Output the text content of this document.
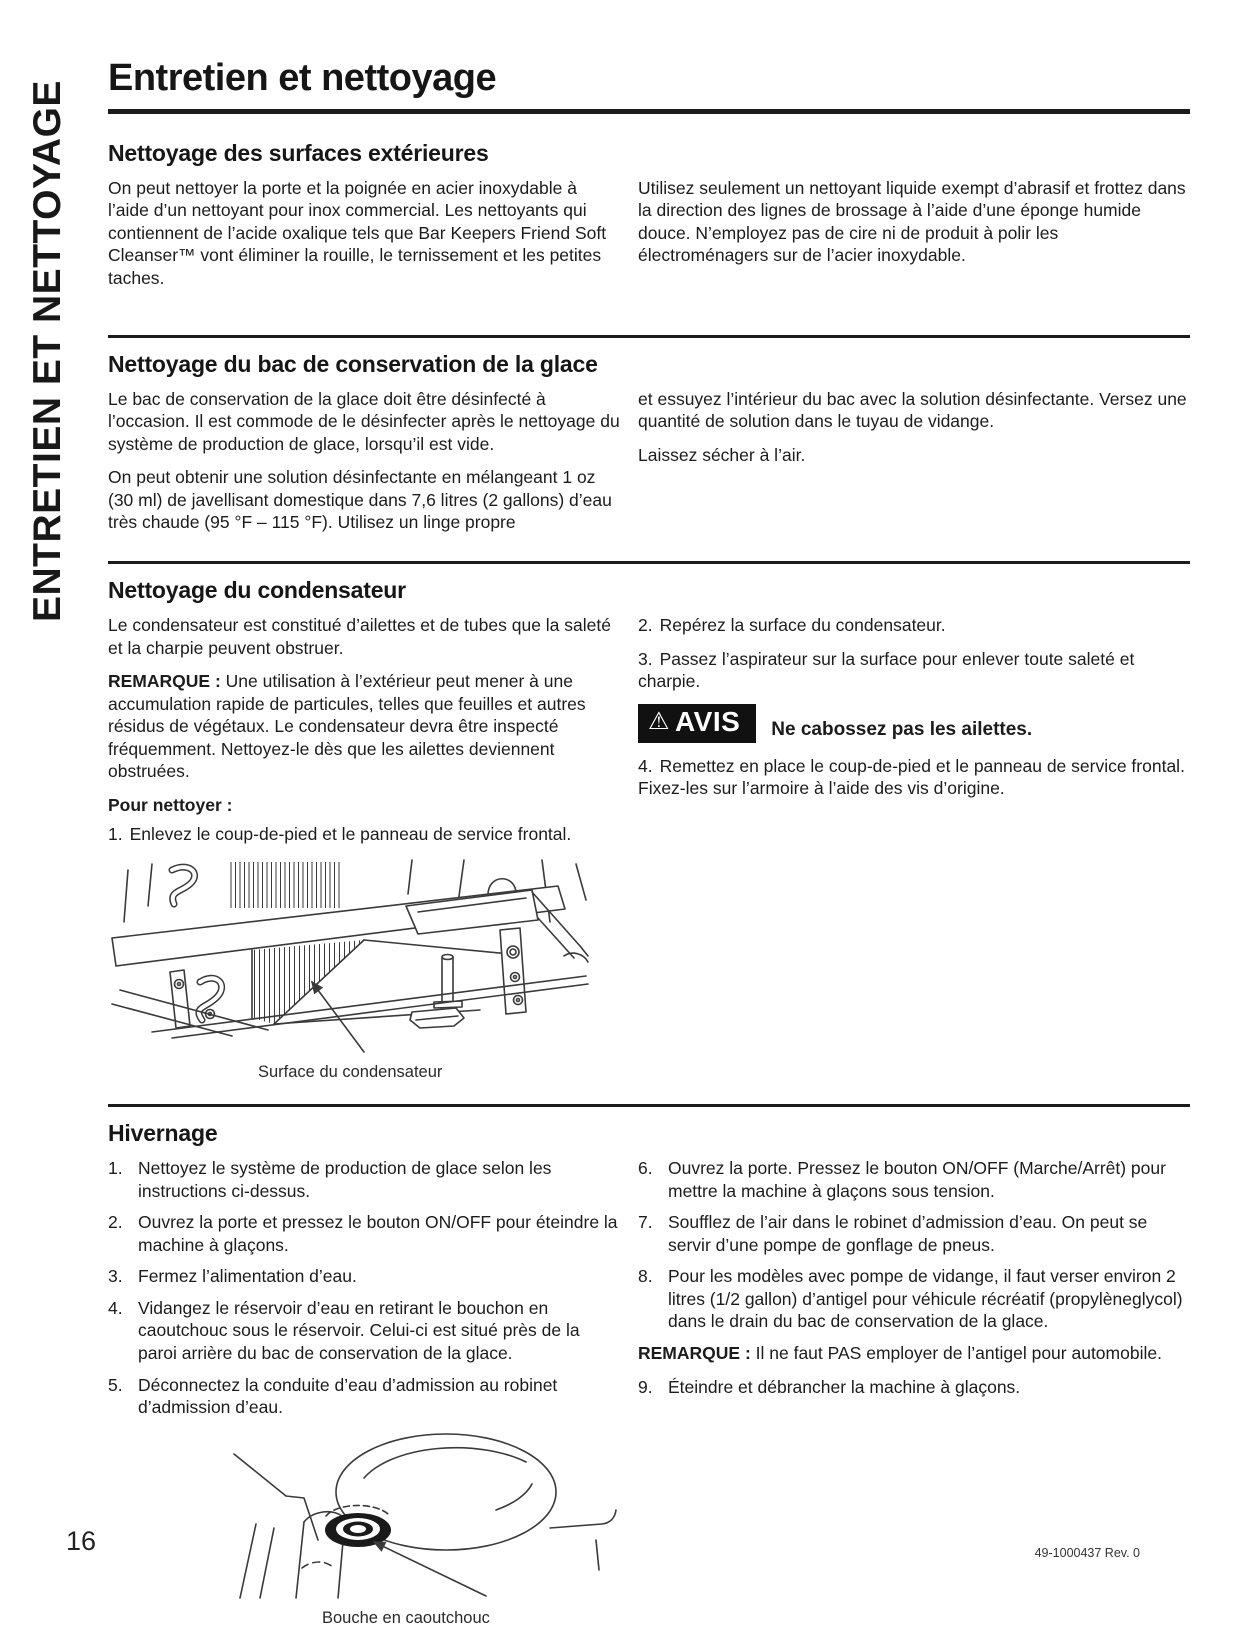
ENTRETIEN ET NETTOYAGE
Entretien et nettoyage
Nettoyage des surfaces extérieures

On peut nettoyer la porte et la poignée en acier inoxydable à l’aide d’un nettoyant pour inox commercial. Les nettoyants qui contiennent de l’acide oxalique tels que Bar Keepers Friend Soft Cleanser™ vont éliminer la rouille, le ternissement et les petites taches.

Utilisez seulement un nettoyant liquide exempt d’abrasif et frottez dans la direction des lignes de brossage à l’aide d’une éponge humide douce. N’employez pas de cire ni de produit à polir les électroménagers sur de l’acier inoxydable.

Nettoyage du bac de conservation de la glace

Le bac de conservation de la glace doit être désinfecté à l’occasion. Il est commode de le désinfecter après le nettoyage du système de production de glace, lorsqu’il est vide.

On peut obtenir une solution désinfectante en mélangeant 1 oz (30 ml) de javellisant domestique dans 7,6 litres (2 gallons) d’eau très chaude (95 °F – 115 °F). Utilisez un linge propre

et essuyez l’intérieur du bac avec la solution désinfectante. Versez une quantité de solution dans le tuyau de vidange.

Laissez sécher à l’air.

Nettoyage du condensateur

Le condensateur est constitué d’ailettes et de tubes que la saleté et la charpie peuvent obstruer.

REMARQUE : Une utilisation à l’extérieur peut mener à une accumulation rapide de particules, telles que feuilles et autres résidus de végétaux. Le condensateur devra être inspecté fréquemment. Nettoyez-le dès que les ailettes deviennent obstruées.

Pour nettoyer :

1. Enlevez le coup-de-pied et le panneau de service frontal.

Surface du condensateur

2. Repérez la surface du condensateur.

3. Passez l’aspirateur sur la surface pour enlever toute saleté et charpie.

⚠ AVIS Ne cabossez pas les ailettes.

4. Remettez en place le coup-de-pied et le panneau de service frontal. Fixez-les sur l’armoire à l’aide des vis d’origine.

Hivernage
1. Nettoyez le système de production de glace selon les instructions ci-dessus.
2. Ouvrez la porte et pressez le bouton ON/OFF pour éteindre la machine à glaçons.
3. Fermez l’alimentation d’eau.
4. Vidangez le réservoir d’eau en retirant le bouchon en caoutchouc sous le réservoir. Celui-ci est situé près de la paroi arrière du bac de conservation de la glace.
5. Déconnectez la conduite d’eau d’admission au robinet d’admission d’eau.
Bouche en caoutchouc
6. Ouvrez la porte. Pressez le bouton ON/OFF (Marche/Arrêt) pour mettre la machine à glaçons sous tension.
7. Soufflez de l’air dans le robinet d’admission d’eau. On peut se servir d’une pompe de gonflage de pneus.
8. Pour les modèles avec pompe de vidange, il faut verser environ 2 litres (1/2 gallon) d’antigel pour véhicule récréatif (propylèneglycol) dans le drain du bac de conservation de la glace.

REMARQUE : Il ne faut PAS employer de l’antigel pour automobile.

9. Éteindre et débrancher la machine à glaçons.
16	49-1000437 Rev. 0
